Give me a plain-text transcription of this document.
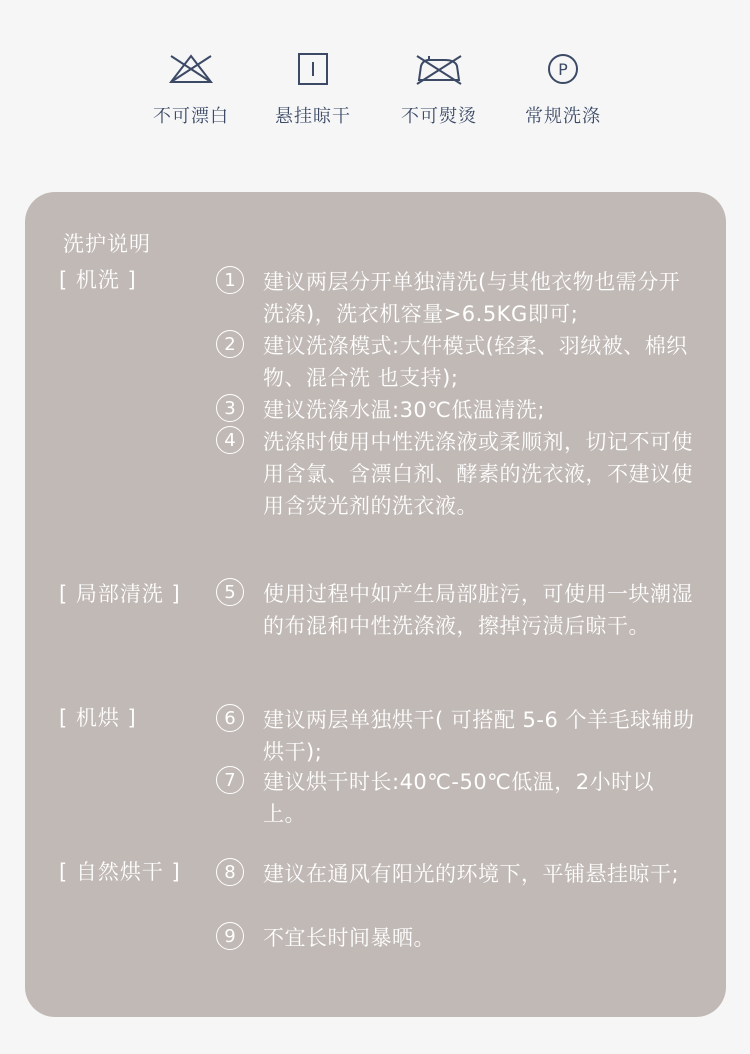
不可漂白	悬挂晾干	不可熨烫
P
常规洗涤
洗护说明
[ 机洗 ]	1	建议两层分开单独清洗(与其他衣物也需分开洗涤)，洗衣机容量>6.5KG即可;
2	建议洗涤模式:大件模式(轻柔、羽绒被、棉织物、混合洗 也支持);
3	建议洗涤水温:30℃低温清洗;
4	洗涤时使用中性洗涤液或柔顺剂，切记不可使用含氯、含漂白剂、酵素的洗衣液，不建议使用含荧光剂的洗衣液。
[ 局部清洗 ]	5	使用过程中如产生局部脏污，可使用一块潮湿的布混和中性洗涤液，擦掉污渍后晾干。
[ 机烘 ]	6	建议两层单独烘干( 可搭配 5-6 个羊毛球辅助烘干);
7	建议烘干时长:40℃-50℃低温，2小时以上。
[ 自然烘干 ]	8	建议在通风有阳光的环境下，平铺悬挂晾干;
9	不宜长时间暴晒。
